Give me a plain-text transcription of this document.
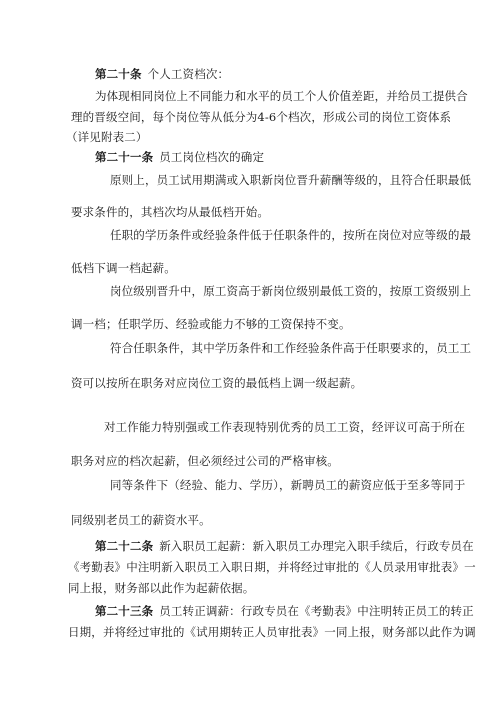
第二十条 个人工资档次：
为体现相同岗位上不同能力和水平的员工个人价值差距，并给员工提供合
理的晋级空间，每个岗位等从低分为4-6个档次，形成公司的岗位工资体系
（详见附表二）
第二十一条 员工岗位档次的确定
原则上，员工试用期满或入职新岗位晋升薪酬等级的，且符合任职最低
要求条件的，其档次均从最低档开始。
任职的学历条件或经验条件低于任职条件的，按所在岗位对应等级的最
低档下调一档起薪。
岗位级别晋升中，原工资高于新岗位级别最低工资的，按原工资级别上
调一档；任职学历、经验或能力不够的工资保持不变。
符合任职条件，其中学历条件和工作经验条件高于任职要求的，员工工
资可以按所在职务对应岗位工资的最低档上调一级起薪。
对工作能力特别强或工作表现特别优秀的员工工资，经评议可高于所在
职务对应的档次起薪，但必须经过公司的严格审核。
同等条件下（经验、能力、学历），新聘员工的薪资应低于至多等同于
同级别老员工的薪资水平。
第二十二条 新入职员工起薪：新入职员工办理完入职手续后，行政专员在
《考勤表》中注明新入职员工入职日期，并将经过审批的《人员录用审批表》一
同上报，财务部以此作为起薪依据。
第二十三条 员工转正调薪：行政专员在《考勤表》中注明转正员工的转正
日期，并将经过审批的《试用期转正人员审批表》一同上报，财务部以此作为调
